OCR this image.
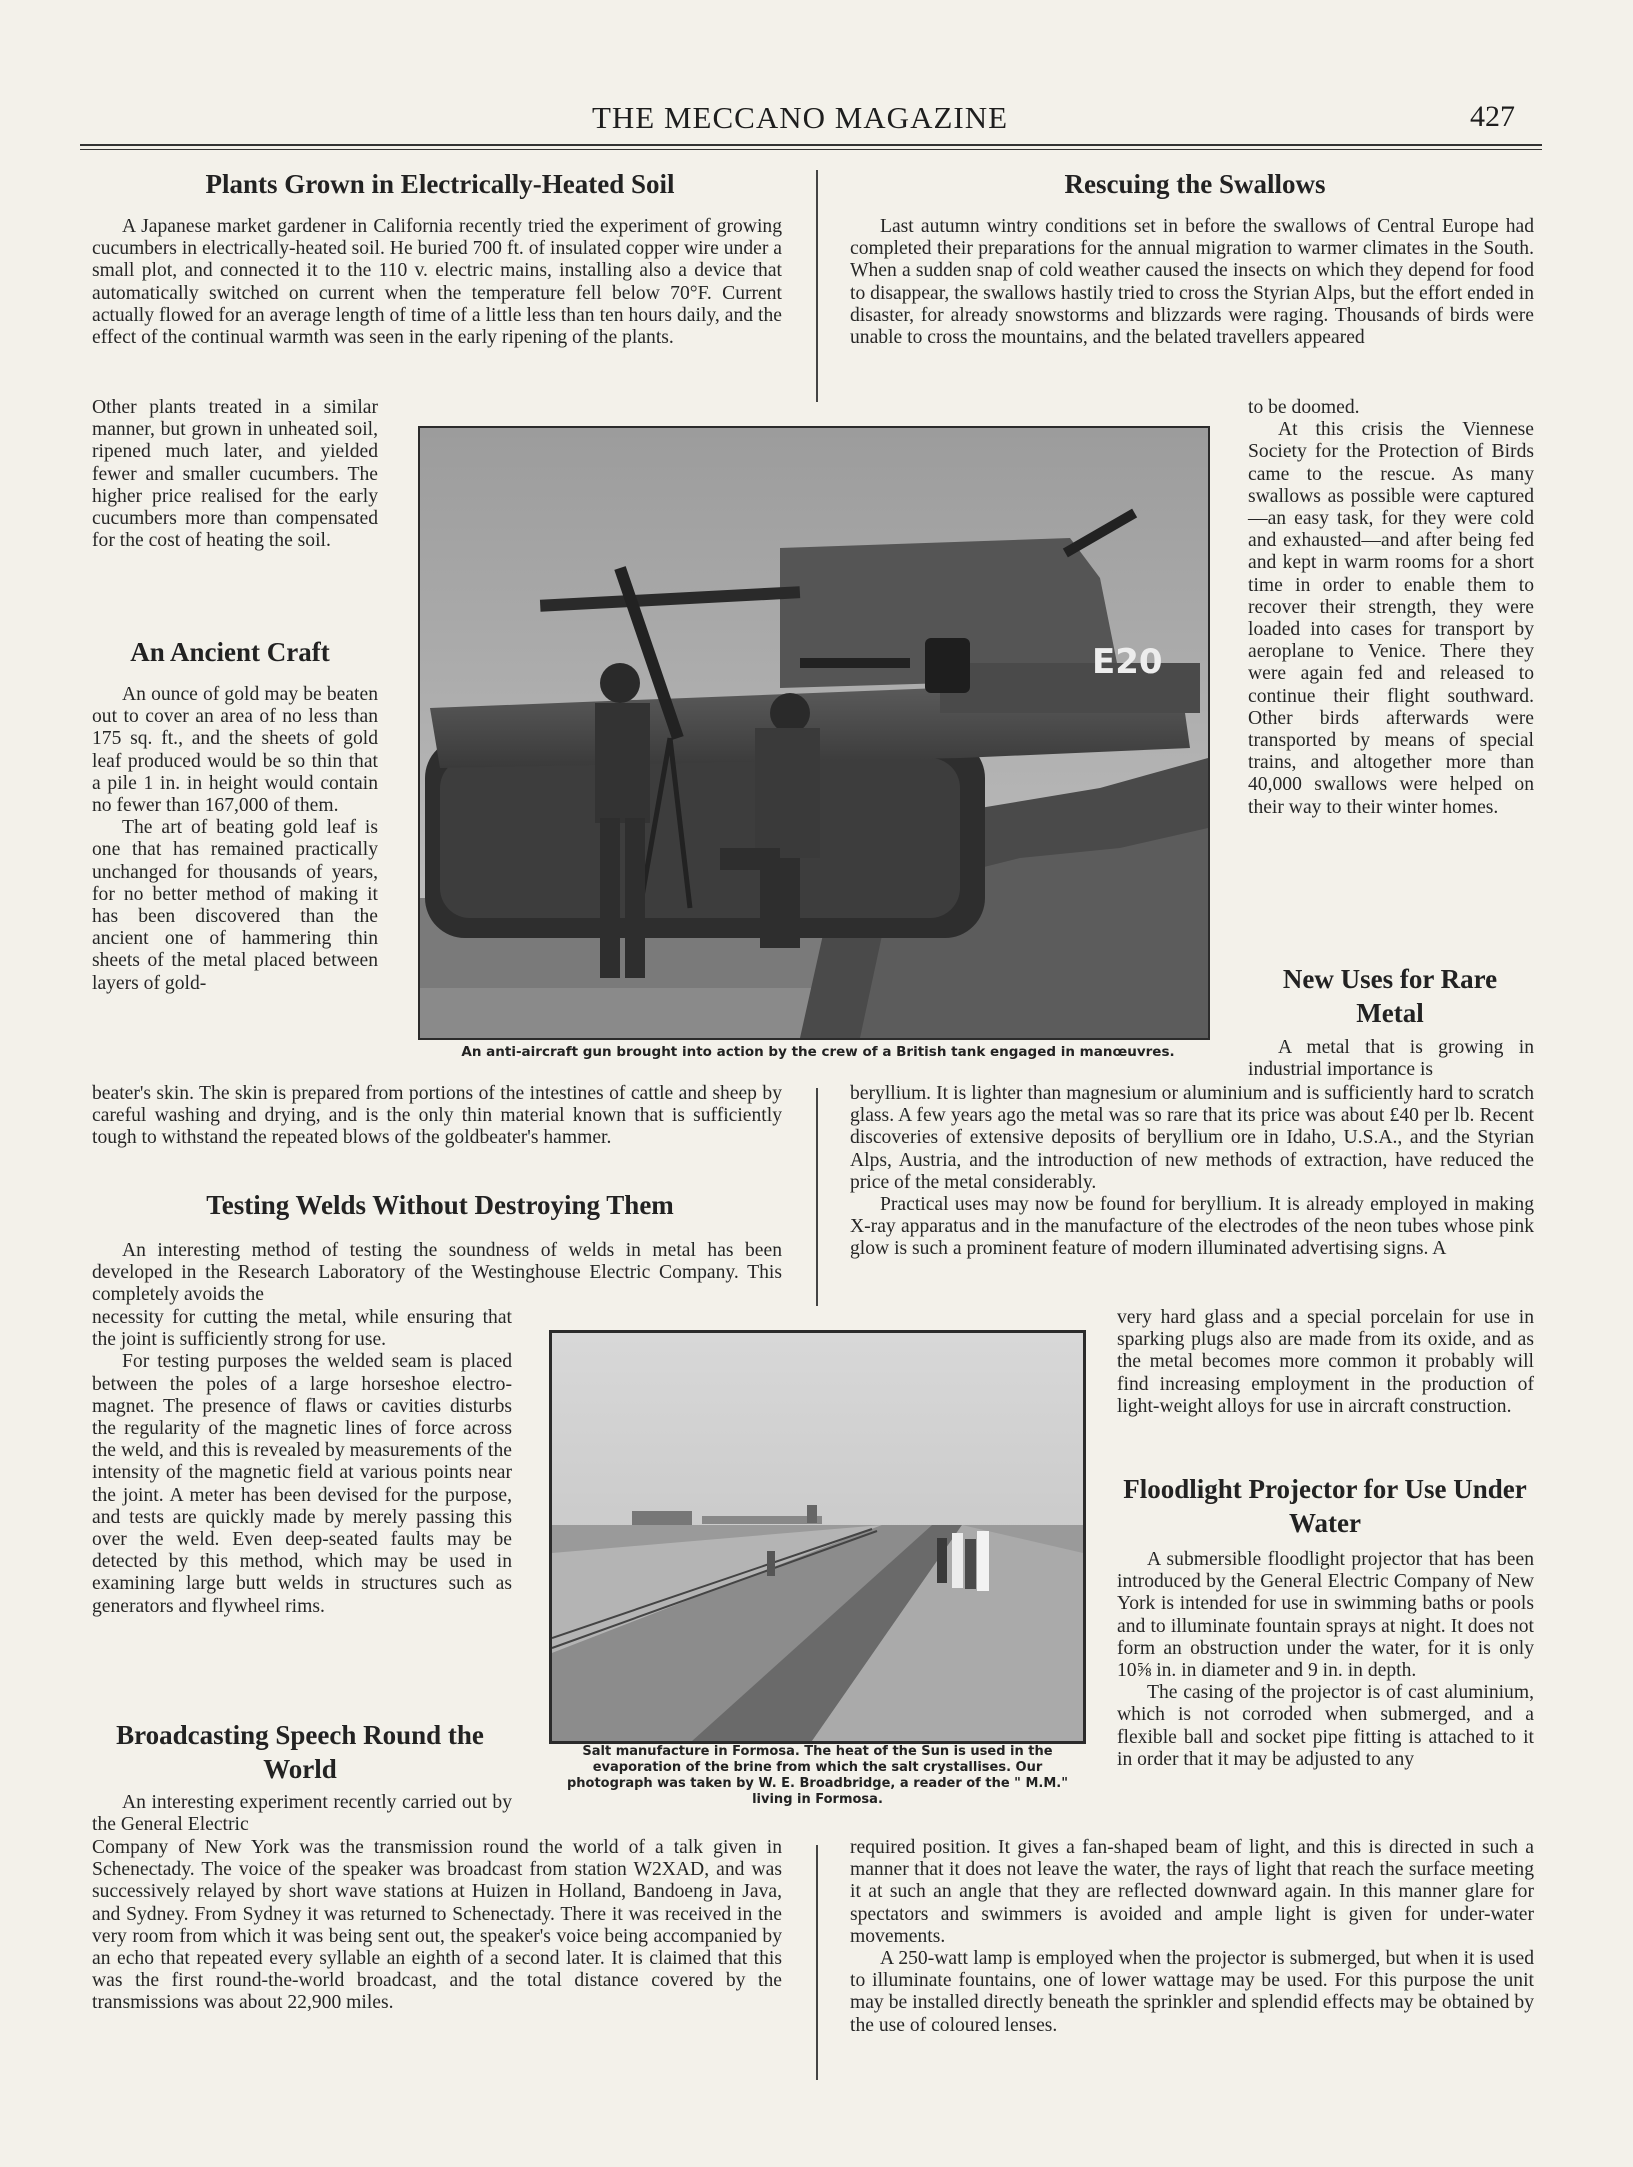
THE MECCANO MAGAZINE	427
Plants Grown in Electrically-Heated Soil

A Japanese market gardener in California recently tried the experiment of growing cucumbers in electrically-heated soil. He buried 700 ft. of insulated copper wire under a small plot, and connected it to the 110 v. electric mains, installing also a device that automatically switched on current when the temperature fell below 70°F. Current actually flowed for an average length of time of a little less than ten hours daily, and the effect of the continual warmth was seen in the early ripening of the plants.

Other plants treated in a similar manner, but grown in unheated soil, ripened much later, and yielded fewer and smaller cucumbers. The higher price realised for the early cucumbers more than compensated for the cost of heating the soil.

An Ancient Craft

An ounce of gold may be beaten out to cover an area of no less than 175 sq. ft., and the sheets of gold leaf produced would be so thin that a pile 1 in. in height would contain no fewer than 167,000 of them.

The art of beating gold leaf is one that has remained practically unchanged for thousands of years, for no better method of making it has been discovered than the ancient one of hammering thin sheets of the metal placed between layers of gold-

beater's skin. The skin is prepared from portions of the intestines of cattle and sheep by careful washing and drying, and is the only thin material known that is sufficiently tough to withstand the repeated blows of the goldbeater's hammer.

Testing Welds Without Destroying Them

An interesting method of testing the soundness of welds in metal has been developed in the Research Laboratory of the Westinghouse Electric Company. This completely avoids the

necessity for cutting the metal, while ensuring that the joint is sufficiently strong for use.

For testing purposes the welded seam is placed between the poles of a large horseshoe electro-magnet. The presence of flaws or cavities disturbs the regularity of the magnetic lines of force across the weld, and this is revealed by measurements of the intensity of the magnetic field at various points near the joint. A meter has been devised for the purpose, and tests are quickly made by merely passing this over the weld. Even deep-seated faults may be detected by this method, which may be used in examining large butt welds in structures such as generators and flywheel rims.

Broadcasting Speech Round the World

An interesting experiment recently carried out by the General Electric

Company of New York was the transmission round the world of a talk given in Schenectady. The voice of the speaker was broadcast from station W2XAD, and was successively relayed by short wave stations at Huizen in Holland, Bandoeng in Java, and Sydney. From Sydney it was returned to Schenectady. There it was received in the very room from which it was being sent out, the speaker's voice being accompanied by an echo that repeated every syllable an eighth of a second later. It is claimed that this was the first round-the-world broadcast, and the total distance covered by the transmissions was about 22,900 miles.

Rescuing the Swallows

Last autumn wintry conditions set in before the swallows of Central Europe had completed their preparations for the annual migration to warmer climates in the South. When a sudden snap of cold weather caused the insects on which they depend for food to disappear, the swallows hastily tried to cross the Styrian Alps, but the effort ended in disaster, for already snowstorms and blizzards were raging. Thousands of birds were unable to cross the mountains, and the belated travellers appeared

to be doomed.

At this crisis the Viennese Society for the Protection of Birds came to the rescue. As many swallows as possible were captured—an easy task, for they were cold and exhausted—and after being fed and kept in warm rooms for a short time in order to enable them to recover their strength, they were loaded into cases for transport by aeroplane to Venice. There they were again fed and released to continue their flight southward. Other birds afterwards were transported by means of special trains, and altogether more than 40,000 swallows were helped on their way to their winter homes.

New Uses for Rare Metal

A metal that is growing in industrial importance is

beryllium. It is lighter than magnesium or aluminium and is sufficiently hard to scratch glass. A few years ago the metal was so rare that its price was about £40 per lb. Recent discoveries of extensive deposits of beryllium ore in Idaho, U.S.A., and the Styrian Alps, Austria, and the introduction of new methods of extraction, have reduced the price of the metal considerably.

Practical uses may now be found for beryllium. It is already employed in making X-ray apparatus and in the manufacture of the electrodes of the neon tubes whose pink glow is such a prominent feature of modern illuminated advertising signs. A

very hard glass and a special porcelain for use in sparking plugs also are made from its oxide, and as the metal becomes more common it probably will find increasing employment in the production of light-weight alloys for use in aircraft construction.

Floodlight Projector for Use Under Water

A submersible floodlight projector that has been introduced by the General Electric Company of New York is intended for use in swimming baths or pools and to illuminate fountain sprays at night. It does not form an obstruction under the water, for it is only 10⅝ in. in diameter and 9 in. in depth.

The casing of the projector is of cast aluminium, which is not corroded when submerged, and a flexible ball and socket pipe fitting is attached to it in order that it may be adjusted to any

required position. It gives a fan-shaped beam of light, and this is directed in such a manner that it does not leave the water, the rays of light that reach the surface meeting it at such an angle that they are reflected downward again. In this manner glare for spectators and swimmers is avoided and ample light is given for under-water movements.

A 250-watt lamp is employed when the projector is submerged, but when it is used to illuminate fountains, one of lower wattage may be used. For this purpose the unit may be installed directly beneath the sprinkler and splendid effects may be obtained by the use of coloured lenses.

E20
An anti-aircraft gun brought into action by the crew of a British tank engaged in manœuvres.
Salt manufacture in Formosa. The heat of the Sun is used in the evaporation of the brine from which the salt crystallises. Our photograph was taken by W. E. Broadbridge, a reader of the " M.M." living in Formosa.
